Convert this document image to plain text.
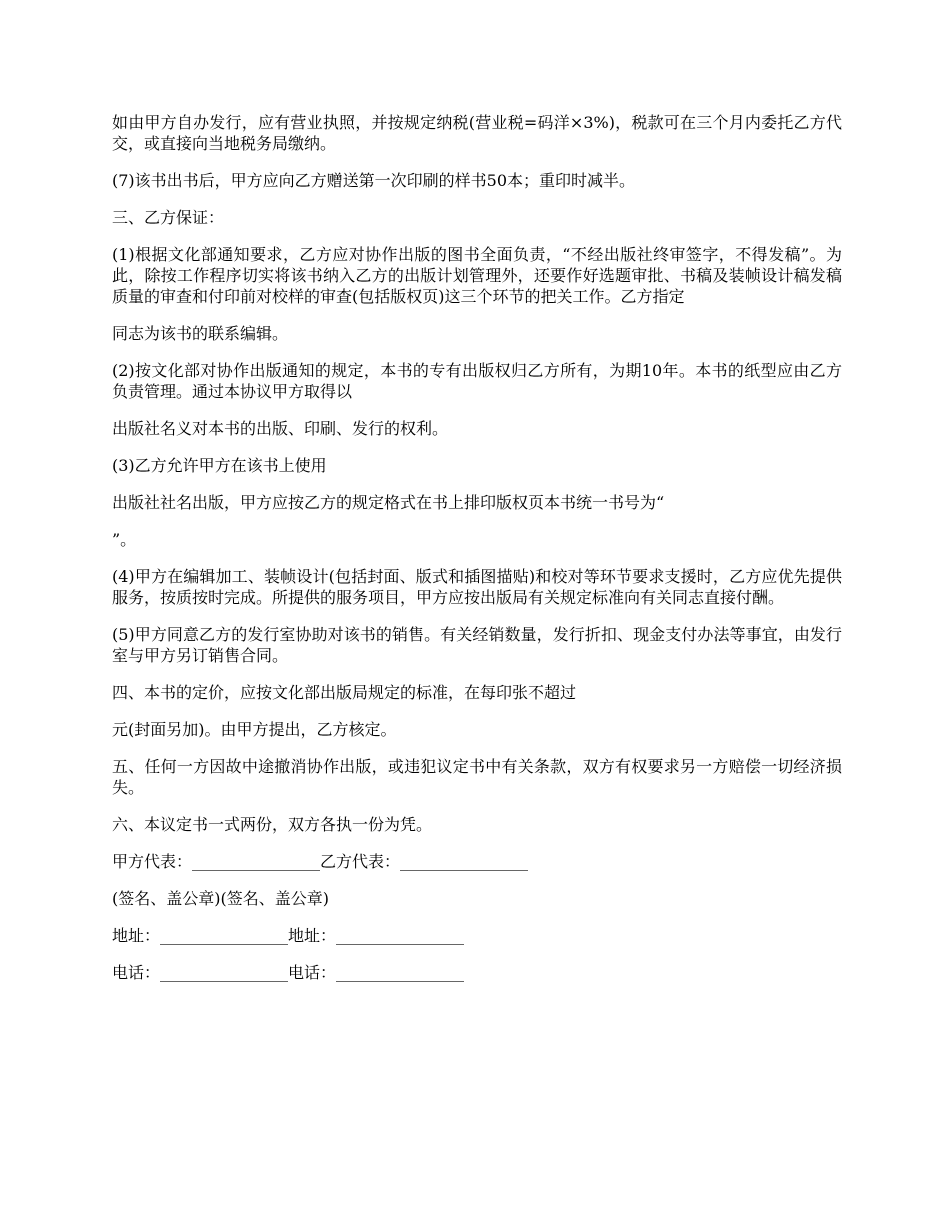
如由甲方自办发行，应有营业执照，并按规定纳税(营业税=码洋×3%)，税款可在三个月内委托乙方代交，或直接向当地税务局缴纳。

(7)该书出书后，甲方应向乙方赠送第一次印刷的样书50本；重印时减半。

三、乙方保证：

(1)根据文化部通知要求，乙方应对协作出版的图书全面负责，“不经出版社终审签字，不得发稿”。为此，除按工作程序切实将该书纳入乙方的出版计划管理外，还要作好选题审批、书稿及装帧设计稿发稿质量的审查和付印前对校样的审查(包括版权页)这三个环节的把关工作。乙方指定

同志为该书的联系编辑。

(2)按文化部对协作出版通知的规定，本书的专有出版权归乙方所有，为期10年。本书的纸型应由乙方负责管理。通过本协议甲方取得以

出版社名义对本书的出版、印刷、发行的权利。

(3)乙方允许甲方在该书上使用

出版社社名出版，甲方应按乙方的规定格式在书上排印版权页本书统一书号为“

”。

(4)甲方在编辑加工、装帧设计(包括封面、版式和插图描贴)和校对等环节要求支援时，乙方应优先提供服务，按质按时完成。所提供的服务项目，甲方应按出版局有关规定标准向有关同志直接付酬。

(5)甲方同意乙方的发行室协助对该书的销售。有关经销数量，发行折扣、现金支付办法等事宜，由发行室与甲方另订销售合同。

四、本书的定价，应按文化部出版局规定的标准，在每印张不超过

元(封面另加)。由甲方提出，乙方核定。

五、任何一方因故中途撤消协作出版，或违犯议定书中有关条款，双方有权要求另一方赔偿一切经济损失。

六、本议定书一式两份，双方各执一份为凭。

甲方代表：________________乙方代表：________________

(签名、盖公章)(签名、盖公章)

地址：________________地址：________________

电话：________________电话：________________
